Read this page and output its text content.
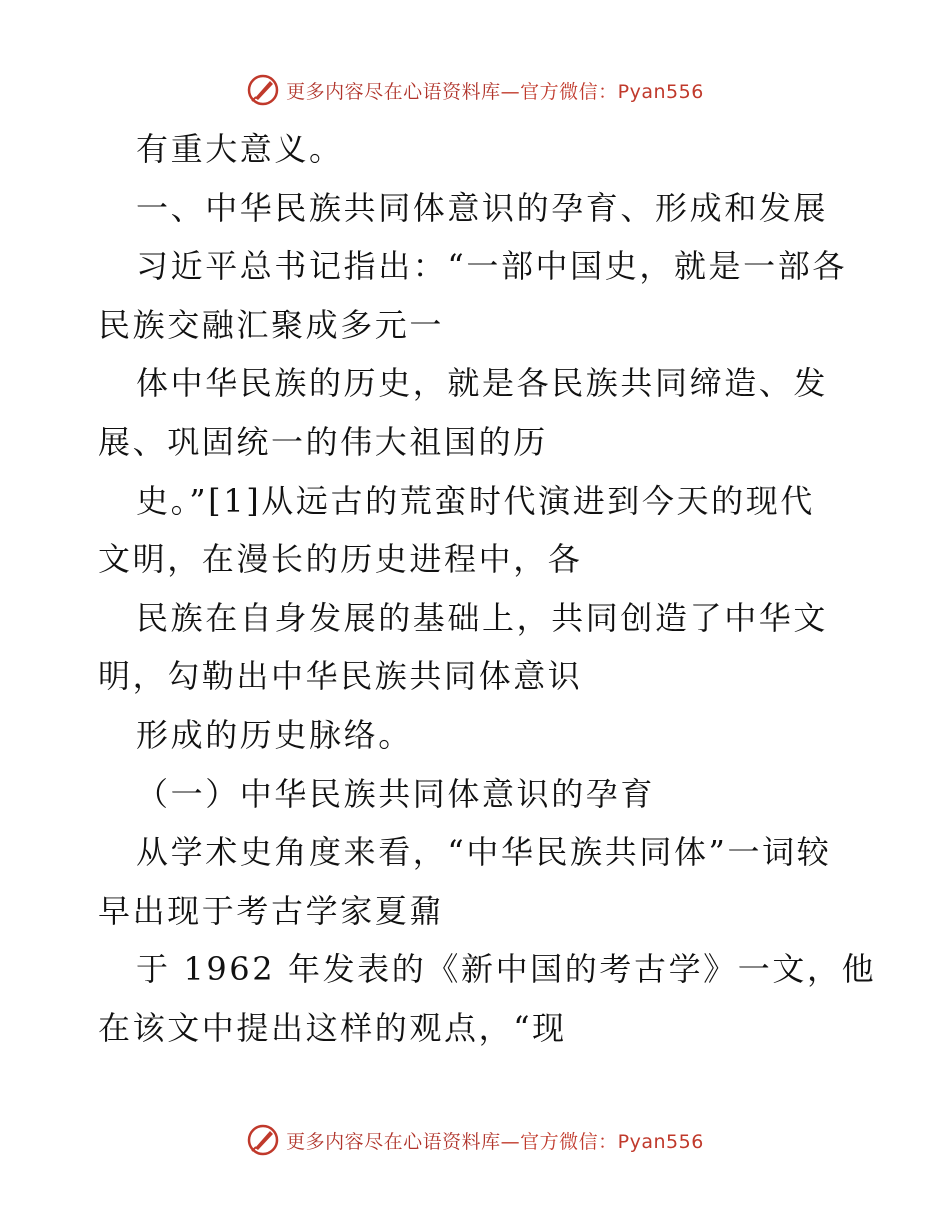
更多内容尽在心语资料库—官方微信：Pyan556
有重大意义。
一、中华民族共同体意识的孕育、形成和发展
习近平总书记指出：“一部中国史，就是一部各
民族交融汇聚成多元一
体中华民族的历史，就是各民族共同缔造、发
展、巩固统一的伟大祖国的历
史。”[1]从远古的荒蛮时代演进到今天的现代
文明，在漫长的历史进程中，各
民族在自身发展的基础上，共同创造了中华文
明，勾勒出中华民族共同体意识
形成的历史脉络。
（一）中华民族共同体意识的孕育
从学术史角度来看，“中华民族共同体”一词较
早出现于考古学家夏鼐
于 1962 年发表的《新中国的考古学》一文，他
在该文中提出这样的观点，“现
更多内容尽在心语资料库—官方微信：Pyan556
